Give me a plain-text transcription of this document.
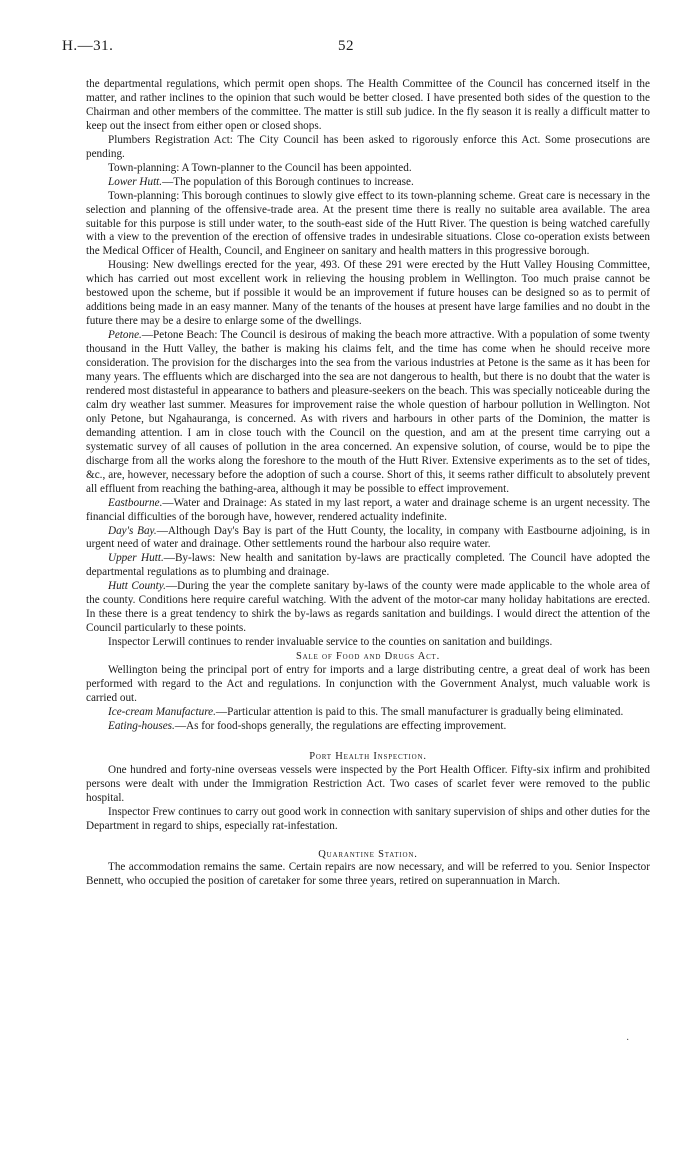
H.—31.	52

the departmental regulations, which permit open shops. The Health Committee of the Council has concerned itself in the matter, and rather inclines to the opinion that such would be better closed. I have presented both sides of the question to the Chairman and other members of the committee. The matter is still sub judice. In the fly season it is really a difficult matter to keep out the insect from either open or closed shops.

Plumbers Registration Act: The City Council has been asked to rigorously enforce this Act. Some prosecutions are pending.

Town-planning: A Town-planner to the Council has been appointed.

Lower Hutt.—The population of this Borough continues to increase.

Town-planning: This borough continues to slowly give effect to its town-planning scheme. Great care is necessary in the selection and planning of the offensive-trade area. At the present time there is really no suitable area available. The area suitable for this purpose is still under water, to the south-east side of the Hutt River. The question is being watched carefully with a view to the prevention of the erection of offensive trades in undesirable situations. Close co-operation exists between the Medical Officer of Health, Council, and Engineer on sanitary and health matters in this progressive borough.

Housing: New dwellings erected for the year, 493. Of these 291 were erected by the Hutt Valley Housing Committee, which has carried out most excellent work in relieving the housing problem in Wellington. Too much praise cannot be bestowed upon the scheme, but if possible it would be an improvement if future houses can be designed so as to permit of additions being made in an easy manner. Many of the tenants of the houses at present have large families and no doubt in the future there may be a desire to enlarge some of the dwellings.

Petone.—Petone Beach: The Council is desirous of making the beach more attractive. With a population of some twenty thousand in the Hutt Valley, the bather is making his claims felt, and the time has come when he should receive more consideration. The provision for the discharges into the sea from the various industries at Petone is the same as it has been for many years. The effluents which are discharged into the sea are not dangerous to health, but there is no doubt that the water is rendered most distasteful in appearance to bathers and pleasure-seekers on the beach. This was specially noticeable during the calm dry weather last summer. Measures for improvement raise the whole question of harbour pollution in Wellington. Not only Petone, but Ngahauranga, is concerned. As with rivers and harbours in other parts of the Dominion, the matter is demanding attention. I am in close touch with the Council on the question, and am at the present time carrying out a systematic survey of all causes of pollution in the area concerned. An expensive solution, of course, would be to pipe the discharge from all the works along the foreshore to the mouth of the Hutt River. Extensive experiments as to the set of tides, &c., are, however, necessary before the adoption of such a course. Short of this, it seems rather difficult to absolutely prevent all effluent from reaching the bathing-area, although it may be possible to effect improvement.

Eastbourne.—Water and Drainage: As stated in my last report, a water and drainage scheme is an urgent necessity. The financial difficulties of the borough have, however, rendered actuality indefinite.

Day's Bay.—Although Day's Bay is part of the Hutt County, the locality, in company with Eastbourne adjoining, is in urgent need of water and drainage. Other settlements round the harbour also require water.

Upper Hutt.—By-laws: New health and sanitation by-laws are practically completed. The Council have adopted the departmental regulations as to plumbing and drainage.

Hutt County.—During the year the complete sanitary by-laws of the county were made applicable to the whole area of the county. Conditions here require careful watching. With the advent of the motor-car many holiday habitations are erected. In these there is a great tendency to shirk the by-laws as regards sanitation and buildings. I would direct the attention of the Council particularly to these points.

Inspector Lerwill continues to render invaluable service to the counties on sanitation and buildings.

Sale of Food and Drugs Act.

Wellington being the principal port of entry for imports and a large distributing centre, a great deal of work has been performed with regard to the Act and regulations. In conjunction with the Government Analyst, much valuable work is carried out.

Ice-cream Manufacture.—Particular attention is paid to this. The small manufacturer is gradually being eliminated.

Eating-houses.—As for food-shops generally, the regulations are effecting improvement.

Port Health Inspection.

One hundred and forty-nine overseas vessels were inspected by the Port Health Officer. Fifty-six infirm and prohibited persons were dealt with under the Immigration Restriction Act. Two cases of scarlet fever were removed to the public hospital.

Inspector Frew continues to carry out good work in connection with sanitary supervision of ships and other duties for the Department in regard to ships, especially rat-infestation.

Quarantine Station.

The accommodation remains the same. Certain repairs are now necessary, and will be referred to you. Senior Inspector Bennett, who occupied the position of caretaker for some three years, retired on superannuation in March.

·
